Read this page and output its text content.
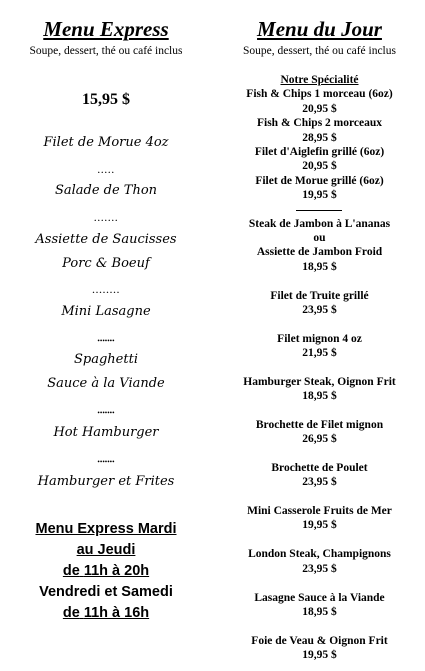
Menu Express
Soupe, dessert, thé ou café inclus
15,95 $
Filet de Morue 4oz
.....
Salade de Thon
.......
Assiette de Saucisses
Porc & Boeuf
........
Mini Lasagne
•••••••
Spaghetti
Sauce à la Viande
•••••••
Hot Hamburger
•••••••
Hamburger et Frites
Menu Express Mardi
au Jeudi
de 11h à 20h
Vendredi et Samedi
de 11h à 16h
Menu du Jour
Soupe, dessert, thé ou café inclus
Notre Spécialité
Fish & Chips 1 morceau (6oz)
20,95 $
Fish & Chips 2 morceaux
28,95 $
Filet d'Aiglefin grillé (6oz)
20,95 $
Filet de Morue grillé (6oz)
19,95 $
Steak de Jambon à L'ananas
ou
Assiette de Jambon Froid
18,95 $
Filet de Truite grillé
23,95 $
Filet mignon 4 oz
21,95 $
Hamburger Steak, Oignon Frit
18,95 $
Brochette de Filet mignon
26,95 $
Brochette de Poulet
23,95 $
Mini Casserole Fruits de Mer
19,95 $
London Steak, Champignons
23,95 $
Lasagne Sauce à la Viande
18,95 $
Foie de Veau & Oignon Frit
19,95 $
